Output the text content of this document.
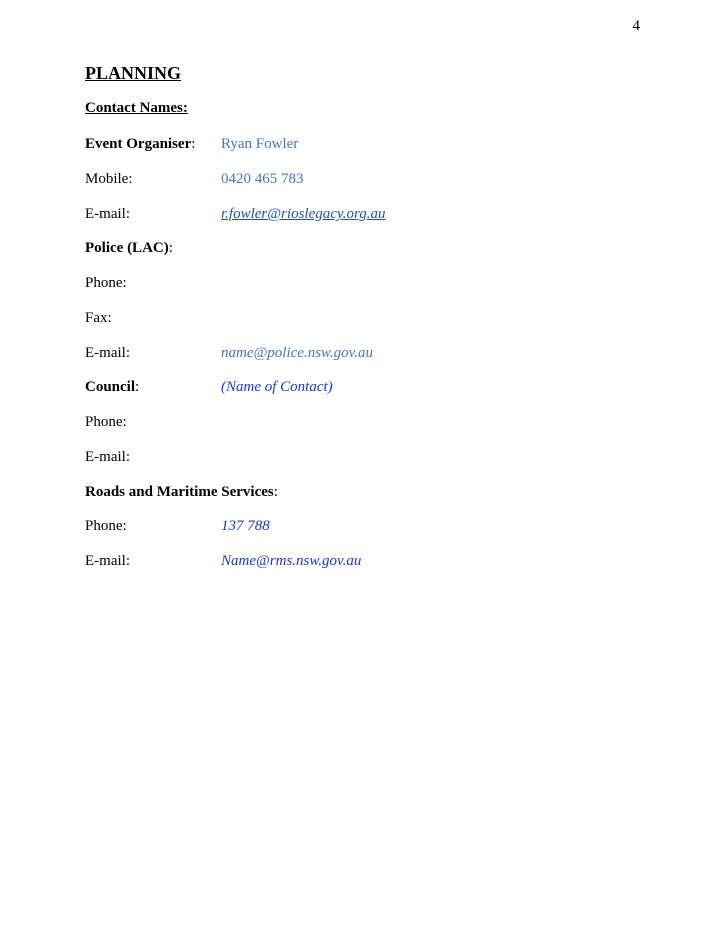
4
PLANNING
Contact Names:
Event Organiser: Ryan Fowler
Mobile:	0420 465 783
E-mail:	r.fowler@rioslegacy.org.au
Police (LAC):
Phone:
Fax:
E-mail:	name@police.nsw.gov.au
Council:	(Name of Contact)
Phone:
E-mail:
Roads and Maritime Services:
Phone:	137 788
E-mail:	Name@rms.nsw.gov.au
